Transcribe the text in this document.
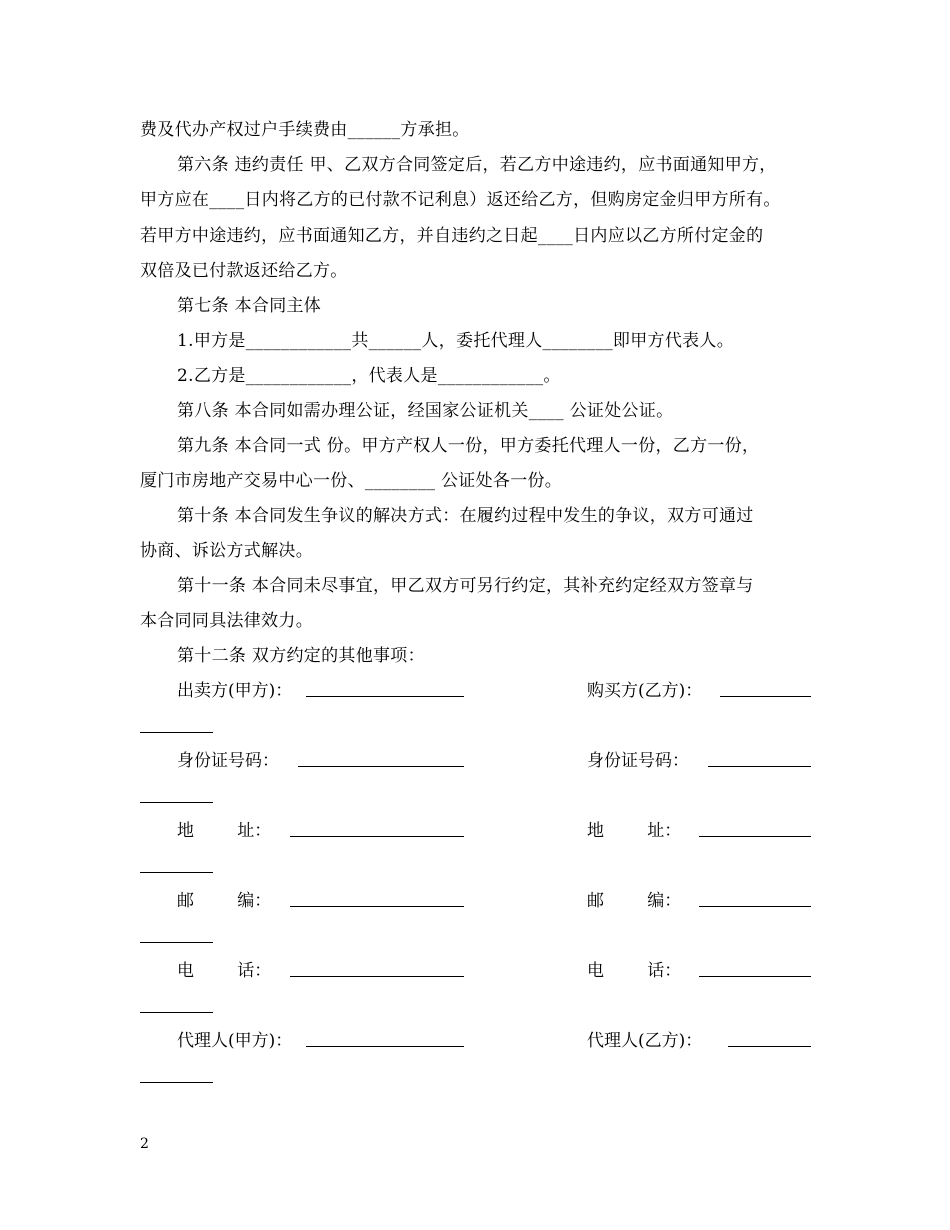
费及代办产权过户手续费由______方承担。
第六条 违约责任 甲、乙双方合同签定后，若乙方中途违约，应书面通知甲方，
甲方应在____日内将乙方的已付款不记利息）返还给乙方，但购房定金归甲方所有。
若甲方中途违约，应书面通知乙方，并自违约之日起____日内应以乙方所付定金的
双倍及已付款返还给乙方。
第七条 本合同主体
1.甲方是____________共______人，委托代理人________即甲方代表人。
2.乙方是____________，代表人是____________。
第八条 本合同如需办理公证，经国家公证机关____ 公证处公证。
第九条 本合同一式 份。甲方产权人一份，甲方委托代理人一份，乙方一份，
厦门市房地产交易中心一份、________ 公证处各一份。
第十条 本合同发生争议的解决方式：在履约过程中发生的争议，双方可通过
协商、诉讼方式解决。
第十一条 本合同未尽事宜，甲乙双方可另行约定，其补充约定经双方签章与
本合同同具法律效力。
第十二条 双方约定的其他事项：
出卖方(甲方)：	购买方(乙方)：
身份证号码：	身份证号码：
地        址：	地        址：
邮        编：	邮        编：
电        话：	电        话：
代理人(甲方)：	代理人(乙方)：
2
